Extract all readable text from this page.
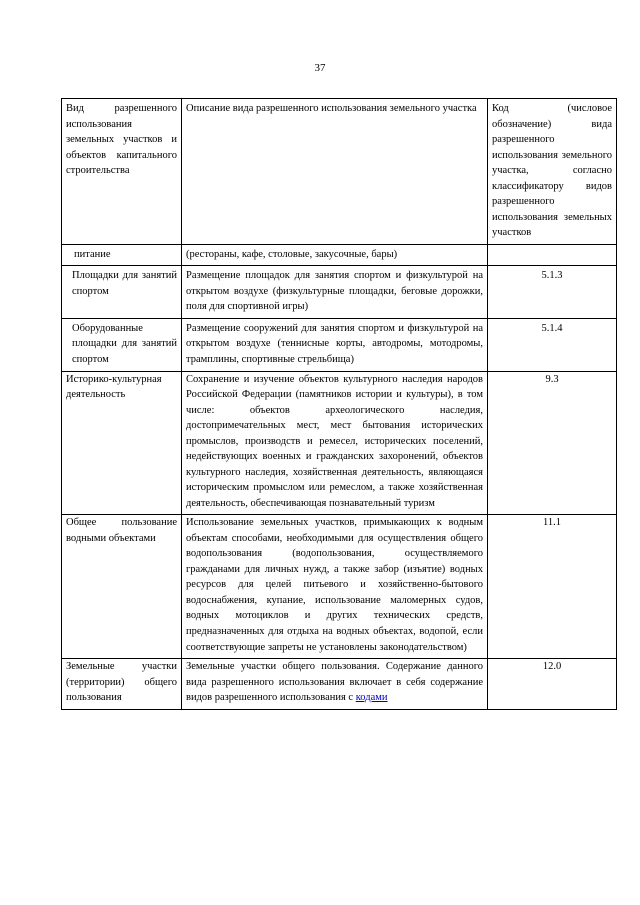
37
Вид разрешенного использования земельных участков и объектов капитального строительства	Описание вида разрешенного использования земельного участка	Код (числовое обозначение) вида разрешенного использования земельного участка, согласно классификатору видов разрешенного использования земельных участков
питание	(рестораны, кафе, столовые, закусочные, бары)	
Площадки для занятий спортом	Размещение площадок для занятия спортом и физкультурой на открытом воздухе (физкультурные площадки, беговые дорожки, поля для спортивной игры)	5.1.3
Оборудованные площадки для занятий спортом	Размещение сооружений для занятия спортом и физкультурой на открытом воздухе (теннисные корты, автодромы, мотодромы, трамплины, спортивные стрельбища)	5.1.4
Историко-культурная деятельность	Сохранение и изучение объектов культурного наследия народов Российской Федерации (памятников истории и культуры), в том числе: объектов археологического наследия, достопримечательных мест, мест бытования исторических промыслов, производств и ремесел, исторических поселений, недействующих военных и гражданских захоронений, объектов культурного наследия, хозяйственная деятельность, являющаяся историческим промыслом или ремеслом, а также хозяйственная деятельность, обеспечивающая познавательный туризм	9.3
Общее пользование водными объектами	Использование земельных участков, примыкающих к водным объектам способами, необходимыми для осуществления общего водопользования (водопользования, осуществляемого гражданами для личных нужд, а также забор (изъятие) водных ресурсов для целей питьевого и хозяйственно-бытового водоснабжения, купание, использование маломерных судов, водных мотоциклов и других технических средств, предназначенных для отдыха на водных объектах, водопой, если соответствующие запреты не установлены законодательством)	11.1
Земельные участки (территории) общего пользования	Земельные участки общего пользования. Содержание данного вида разрешенного использования включает в себя содержание видов разрешенного использования с кодами	12.0
